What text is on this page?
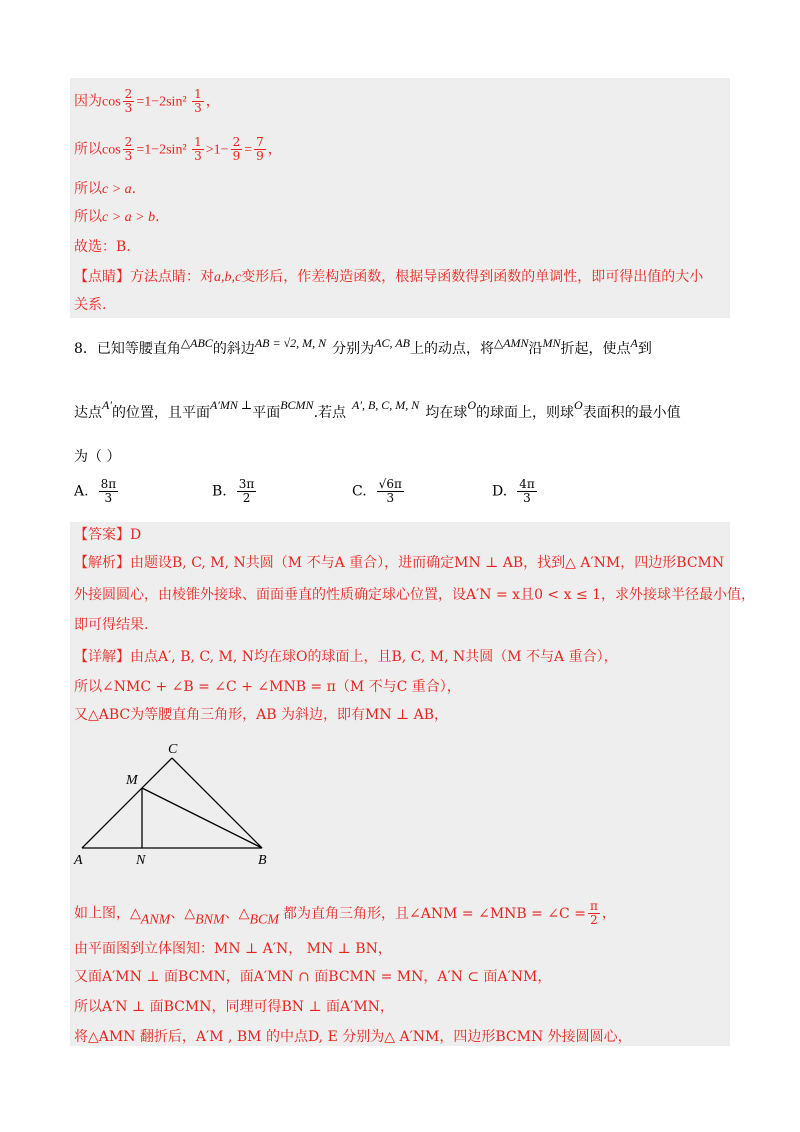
因为$\cos \frac{2}{3} =1-2\sin^2 \frac{1}{3}$ ，
所以$\cos \frac{2}{3} =1-2\sin^2 \frac{1}{3} >1- \frac{2}{9} = \frac{7}{9}$ ，
所以c > a.
所以c > a > b.
故选：B.
【点睛】方法点睛：对a,b,c变形后，作差构造函数，根据导函数得到函数的单调性，即可得出值的大小
关系.
8．已知等腰直角△ABC的斜边AB = √2, M, N 分别为AC, AB上的动点，将△AMN沿MN折起，使点A到
达点A′的位置，且平面A′MN ⊥平面BCMN.若点 A′, B, C, M, N 均在球O的球面上，则球O表面积的最小值
为（ ）
A. $\frac{8\pi}{3}$	B. $\frac{3\pi}{2}$	C. $\frac{√6\pi}{3}$	D. $\frac{4\pi}{3}$
【答案】D
【解析】由题设B, C, M, N共圆（M 不与A 重合），进而确定MN ⊥ AB，找到△ A′NM，四边形BCMN
外接圆圆心，由棱锥外接球、面面垂直的性质确定球心位置，设A′N = x且0 < x ≤ 1，求外接球半径最小值，
即可得结果.
【详解】由点A′, B, C, M, N均在球O的球面上，且B, C, M, N共圆（M 不与A 重合），
所以∠NMC + ∠B = ∠C + ∠MNB = π（M 不与C 重合），
又△ABC为等腰直角三角形，AB 为斜边，即有MN ⊥ AB，
C
M
A	N	B
如上图，△ANM、△BNM、△BCM 都为直角三角形，且∠ANM = ∠MNB = ∠C = $\frac{\pi}{2}$ ，
由平面图到立体图知：MN ⊥ A′N， MN ⊥ BN，
又面A′MN ⊥ 面BCMN，面A′MN ∩ 面BCMN = MN，A′N ⊂ 面A′NM，
所以A′N ⊥ 面BCMN，同理可得BN ⊥ 面A′MN，
将△AMN 翻折后，A′M , BM 的中点D, E 分别为△ A′NM，四边形BCMN 外接圆圆心，
